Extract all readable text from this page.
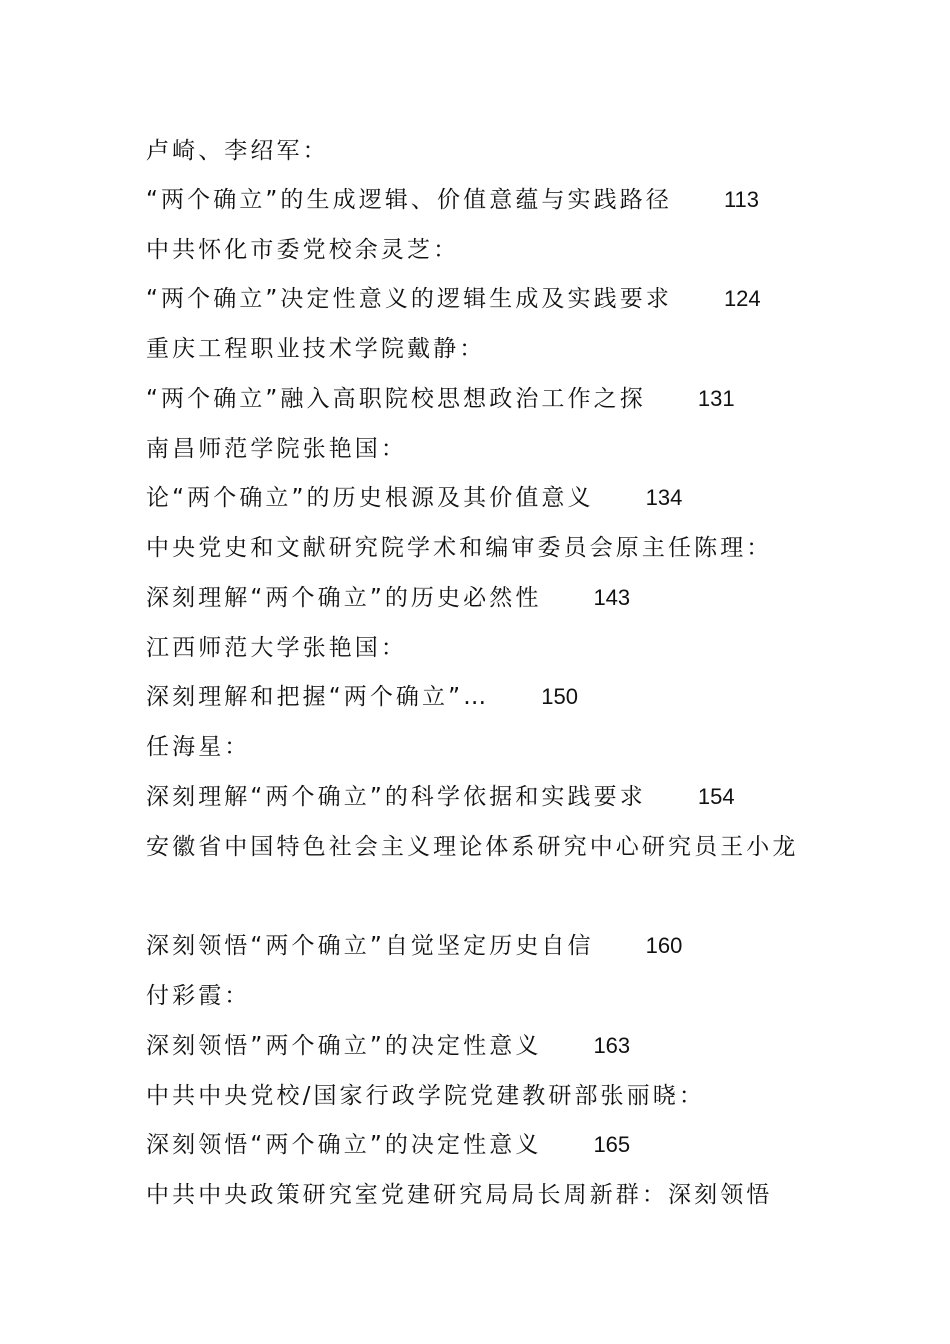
卢崎、李绍军：
“两个确立”的生成逻辑、价值意蕴与实践路径 113
中共怀化市委党校余灵芝：
“两个确立”决定性意义的逻辑生成及实践要求 124
重庆工程职业技术学院戴静：
“两个确立”融入高职院校思想政治工作之探 131
南昌师范学院张艳国：
论“两个确立”的历史根源及其价值意义 134
中央党史和文献研究院学术和编审委员会原主任陈理：
深刻理解“两个确立”的历史必然性 143
江西师范大学张艳国：
深刻理解和把握“两个确立”… 150
任海星：
深刻理解“两个确立”的科学依据和实践要求 154
安徽省中国特色社会主义理论体系研究中心研究员王小龙
深刻领悟“两个确立”自觉坚定历史自信 160
付彩霞：
深刻领悟”两个确立”的决定性意义 163
中共中央党校/国家行政学院党建教研部张丽晓：
深刻领悟“两个确立”的决定性意义 165
中共中央政策研究室党建研究局局长周新群：深刻领悟
